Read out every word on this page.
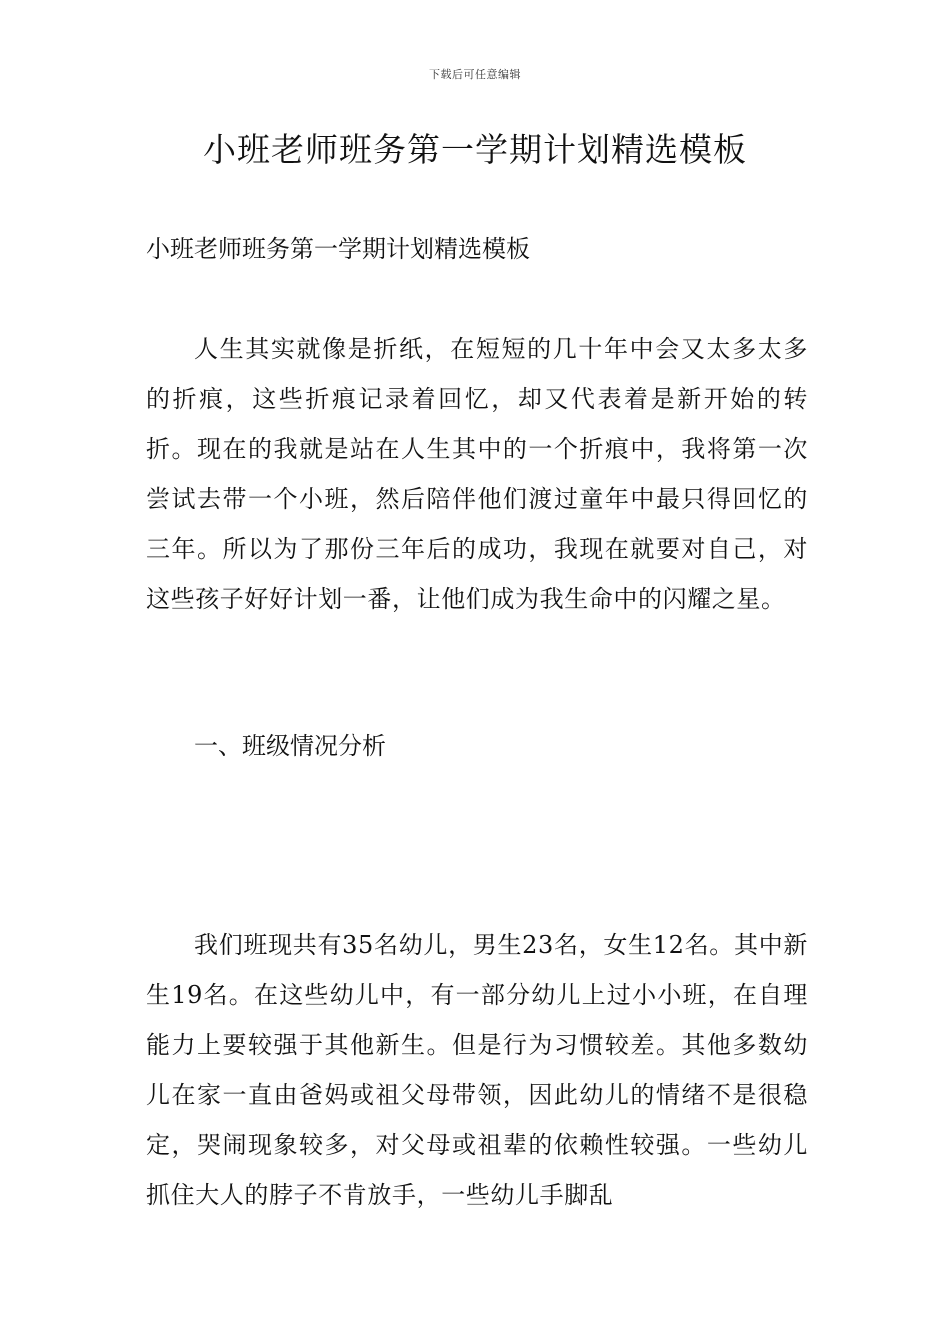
下载后可任意编辑
小班老师班务第一学期计划精选模板

小班老师班务第一学期计划精选模板

人生其实就像是折纸，在短短的几十年中会又太多太多的折痕，这些折痕记录着回忆，却又代表着是新开始的转折。现在的我就是站在人生其中的一个折痕中，我将第一次尝试去带一个小班，然后陪伴他们渡过童年中最只得回忆的三年。所以为了那份三年后的成功，我现在就要对自己，对这些孩子好好计划一番，让他们成为我生命中的闪耀之星。

一、班级情况分析

我们班现共有35名幼儿，男生23名，女生12名。其中新生19名。在这些幼儿中，有一部分幼儿上过小小班，在自理能力上要较强于其他新生。但是行为习惯较差。其他多数幼儿在家一直由爸妈或祖父母带领，因此幼儿的情绪不是很稳定，哭闹现象较多，对父母或祖辈的依赖性较强。一些幼儿抓住大人的脖子不肯放手，一些幼儿手脚乱
